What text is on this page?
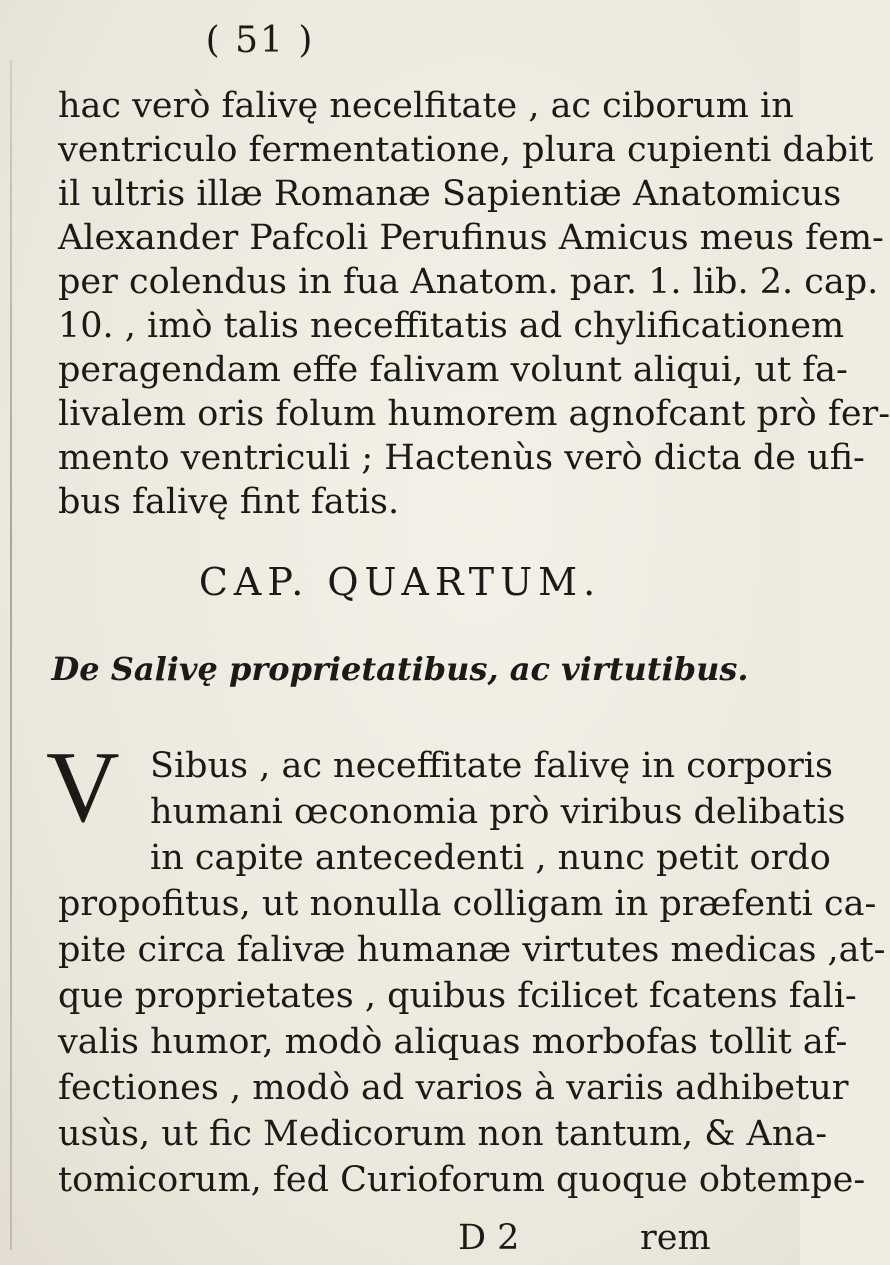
( 51 )
hac verò falivę necelfitate , ac ciborum in
ventriculo fermentatione, plura cupienti dabit
il ultris illæ Romanæ Sapientiæ Anatomicus
Alexander Pafcoli Perufinus Amicus meus fem-
per colendus in fua Anatom. par. 1. lib. 2. cap.
10. , imò talis neceffitatis ad chylificationem
peragendam effe falivam volunt aliqui, ut fa-
livalem oris folum humorem agnofcant prò fer-
mento ventriculi ; Hactenùs verò dicta de ufi-
bus falivę fint fatis.
CAP. QUARTUM.
De Salivę proprietatibus, ac virtutibus.
V Sibus , ac neceffitate falivę in corporis
humani œconomia prò viribus delibatis
in capite antecedenti , nunc petit ordo
propofitus, ut nonulla colligam in præfenti ca-
pite circa falivæ humanæ virtutes medicas ,at-
que proprietates , quibus fcilicet fcatens fali-
valis humor, modò aliquas morbofas tollit af-
fectiones , modò ad varios à variis adhibetur
usùs, ut fic Medicorum non tantum, & Ana-
tomicorum, fed Curioforum quoque obtempe-
D 2	rem
